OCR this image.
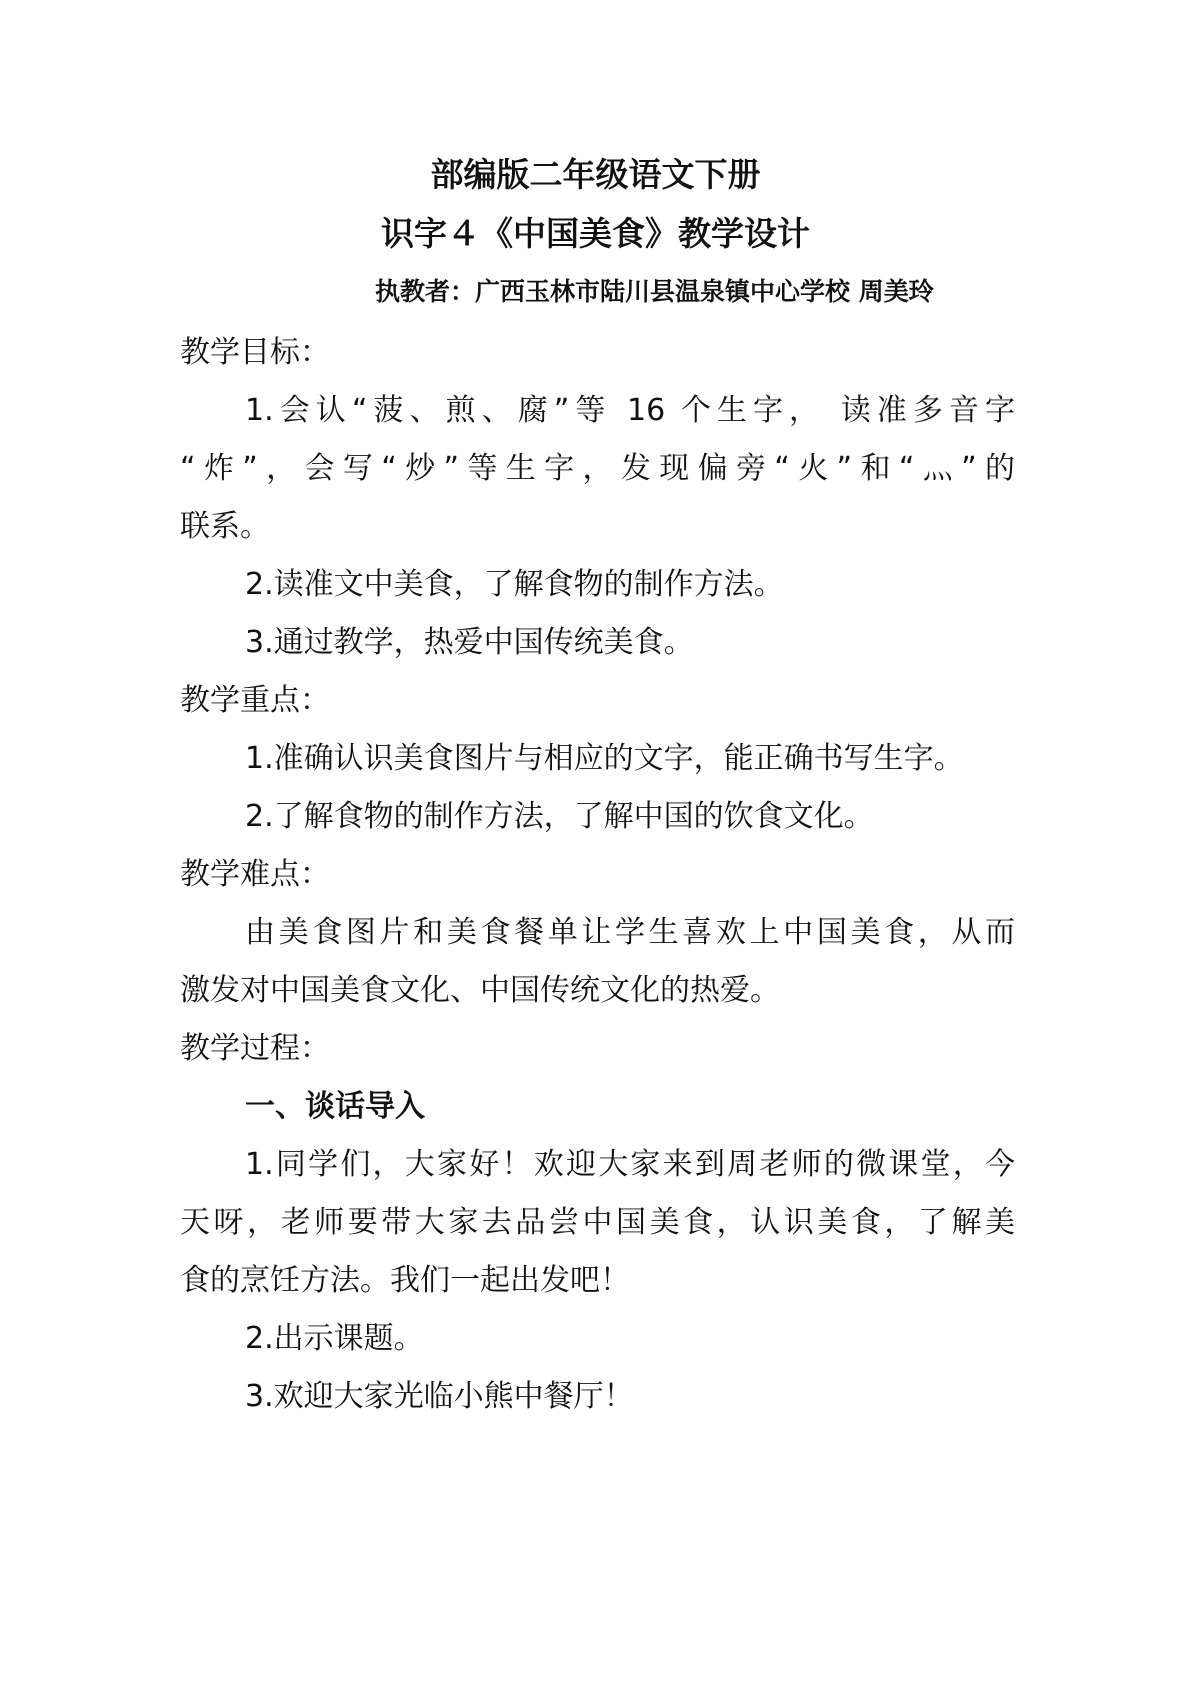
部编版二年级语文下册
识字４《中国美食》教学设计
执教者：广西玉林市陆川县温泉镇中心学校 周美玲
教学目标：
1.会认“菠、煎、腐”等 16 个生字， 读准多音字
“炸”，会写“炒”等生字，发现偏旁“火”和“灬”的
联系。
2.读准文中美食，了解食物的制作方法。
3.通过教学，热爱中国传统美食。
教学重点：
1.准确认识美食图片与相应的文字，能正确书写生字。
2.了解食物的制作方法，了解中国的饮食文化。
教学难点：
由美食图片和美食餐单让学生喜欢上中国美食，从而
激发对中国美食文化、中国传统文化的热爱。
教学过程：
一、谈话导入
1.同学们，大家好！欢迎大家来到周老师的微课堂，今
天呀，老师要带大家去品尝中国美食，认识美食，了解美
食的烹饪方法。我们一起出发吧！
2.出示课题。
3.欢迎大家光临小熊中餐厅！
